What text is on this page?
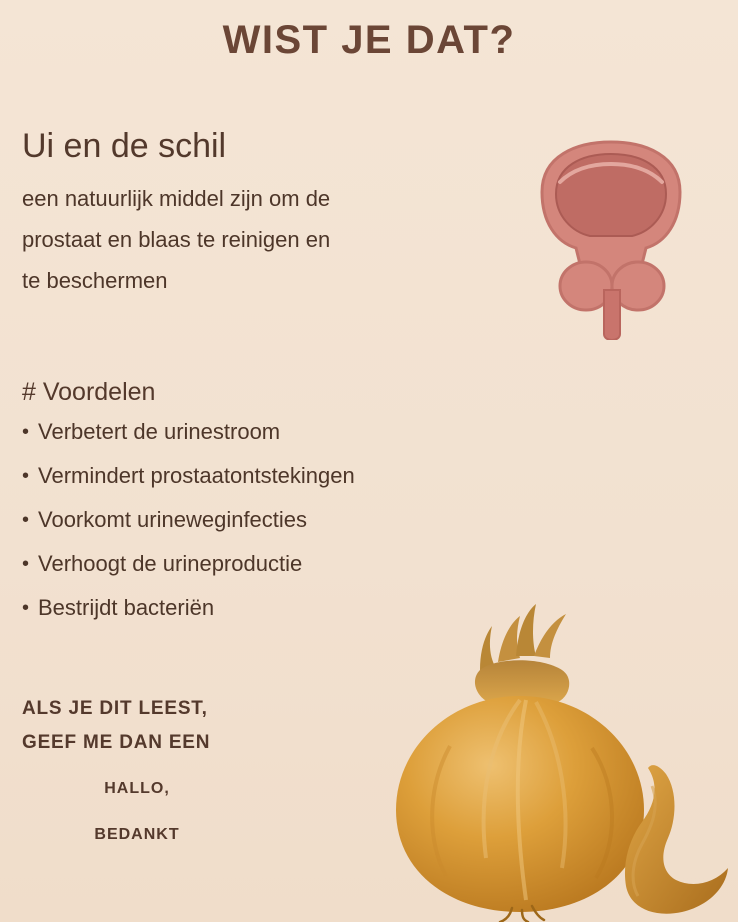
WIST JE DAT?
Ui en de schil
een natuurlijk middel zijn om de
prostaat en blaas te reinigen en
te beschermen
# Voordelen
• Verbetert de urinestroom
• Vermindert prostaatontstekingen
• Voorkomt urineweginfecties
• Verhoogt de urineproductie
• Bestrijdt bacteriën
ALS JE DIT LEEST,
GEEF ME DAN EEN
HALLO,
BEDANKT
